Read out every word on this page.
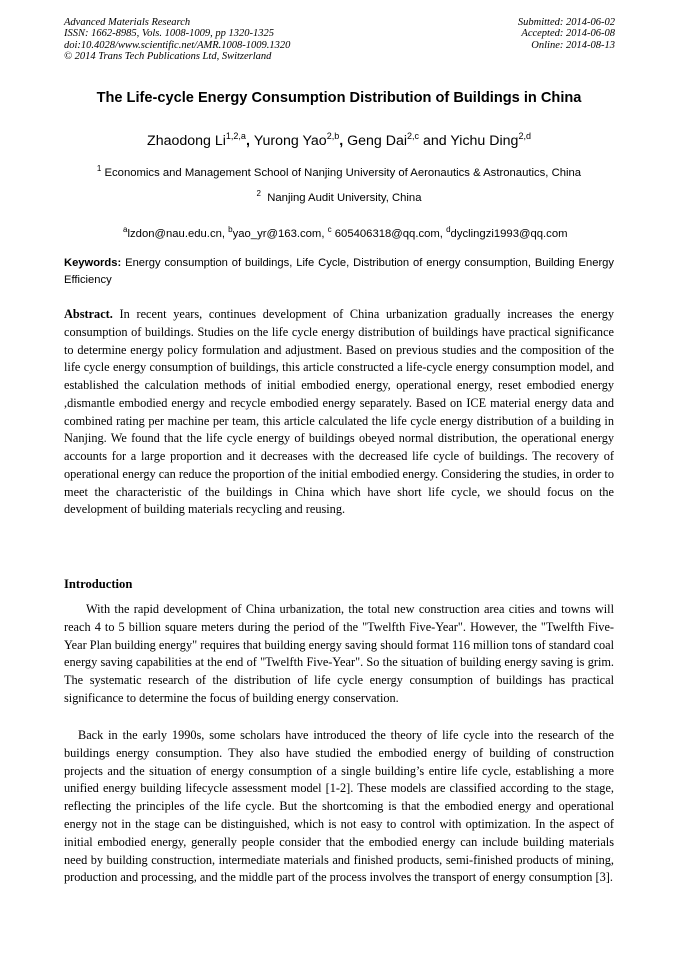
Advanced Materials Research
ISSN: 1662-8985, Vols. 1008-1009, pp 1320-1325
doi:10.4028/www.scientific.net/AMR.1008-1009.1320
© 2014 Trans Tech Publications Ltd, Switzerland
Submitted: 2014-06-02
Accepted: 2014-06-08
Online: 2014-08-13
The Life-cycle Energy Consumption Distribution of Buildings in China
Zhaodong Li$^{1,2,a}$, Yurong Yao$^{2,b}$, Geng Dai$^{2,c}$ and Yichu Ding$^{2,d}$
$^1$ Economics and Management School of Nanjing University of Aeronautics & Astronautics, China
$^2$ Nanjing Audit University, China

$^a$lzdon@nau.edu.cn, $^b$yao_yr@163.com, $^c$ 605406318@qq.com, $^d$dyclingzi1993@qq.com

Keywords: Energy consumption of buildings, Life Cycle, Distribution of energy consumption, Building Energy Efficiency
Abstract. In recent years, continues development of China urbanization gradually increases the energy consumption of buildings. Studies on the life cycle energy distribution of buildings have practical significance to determine energy policy formulation and adjustment. Based on previous studies and the composition of the life cycle energy consumption of buildings, this article constructed a life-cycle energy consumption model, and established the calculation methods of initial embodied energy, operational energy, reset embodied energy ,dismantle embodied energy and recycle embodied energy separately. Based on ICE material energy data and combined rating per machine per team, this article calculated the life cycle energy distribution of a building in Nanjing. We found that the life cycle energy of buildings obeyed normal distribution, the operational energy accounts for a large proportion and it decreases with the decreased life cycle of buildings. The recovery of operational energy can reduce the proportion of the initial embodied energy. Considering the studies, in order to meet the characteristic of the buildings in China which have short life cycle, we should focus on the development of building materials recycling and reusing.
Introduction

With the rapid development of China urbanization, the total new construction area cities and towns will reach 4 to 5 billion square meters during the period of the "Twelfth Five-Year". However, the "Twelfth Five-Year Plan building energy" requires that building energy saving should format 116 million tons of standard coal energy saving capabilities at the end of "Twelfth Five-Year". So the situation of building energy saving is grim. The systematic research of the distribution of life cycle energy consumption of buildings has practical significance to determine the focus of building energy conservation.

Back in the early 1990s, some scholars have introduced the theory of life cycle into the research of the buildings energy consumption. They also have studied the embodied energy of building of construction projects and the situation of energy consumption of a single building’s entire life cycle, establishing a more unified energy building lifecycle assessment model [1-2]. These models are classified according to the stage, reflecting the principles of the life cycle. But the shortcoming is that the embodied energy and operational energy not in the stage can be distinguished, which is not easy to control with optimization. In the aspect of initial embodied energy, generally people consider that the embodied energy can include building materials need by building construction, intermediate materials and finished products, semi-finished products of mining, production and processing, and the middle part of the process involves the transport of energy consumption [3].
